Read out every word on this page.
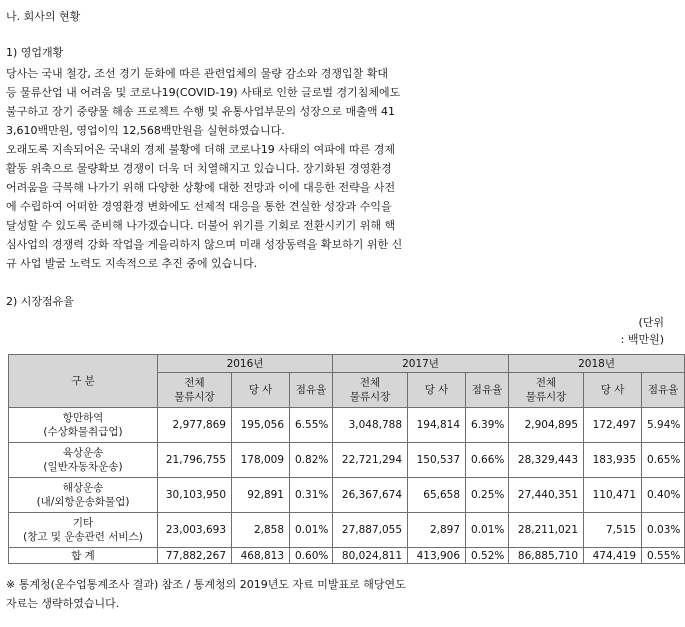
나. 회사의 현황
1) 영업개황
당사는 국내 철강, 조선 경기 둔화에 따른 관련업체의 물량 감소와 경쟁입찰 확대
등 물류산업 내 어려움 및 코로나19(COVID-19) 사태로 인한 글로벌 경기침체에도
불구하고 장기 중량물 해송 프로젝트 수행 및 유통사업부문의 성장으로 매출액 41
3,610백만원, 영업이익 12,568백만원을 실현하였습니다.
오래도록 지속되어온 국내외 경제 불황에 더해 코로나19 사태의 여파에 따른 경제
활동 위축으로 물량확보 경쟁이 더욱 더 치열해지고 있습니다. 장기화된 경영환경
어려움을 극복해 나가기 위해 다양한 상황에 대한 전망과 이에 대응한 전략을 사전
에 수립하여 어떠한 경영환경 변화에도 선제적 대응을 통한 견실한 성장과 수익을
달성할 수 있도록 준비해 나가겠습니다. 더불어 위기를 기회로 전환시키기 위해 핵
심사업의 경쟁력 강화 작업을 게을리하지 않으며 미래 성장동력을 확보하기 위한 신
규 사업 발굴 노력도 지속적으로 추진 중에 있습니다.
2) 시장점유율
(단위
: 백만원)
구 분	2016년			2017년			2018년		

	전체
물류시장	당 사	점유율	전체
물류시장	당 사	점유율	전체
물류시장	당 사	점유율

항만하역
(수상화물취급업)	2,977,869	195,056	6.55%	3,048,788	194,814	6.39%	2,904,895	172,497	5.94%

육상운송
(일반자동차운송)	21,796,755	178,009	0.82%	22,721,294	150,537	0.66%	28,329,443	183,935	0.65%

해상운송
(내/외항운송화물업)	30,103,950	92,891	0.31%	26,367,674	65,658	0.25%	27,440,351	110,471	0.40%

기타
(창고 및 운송관련 서비스)	23,003,693	2,858	0.01%	27,887,055	2,897	0.01%	28,211,021	7,515	0.03%
합 계	77,882,267	468,813	0.60%	80,024,811	413,906	0.52%	86,885,710	474,419	0.55%
※ 통계청(운수업통계조사 결과) 참조 / 통계청의 2019년도 자료 미발표로 해당연도
자료는 생략하였습니다.
